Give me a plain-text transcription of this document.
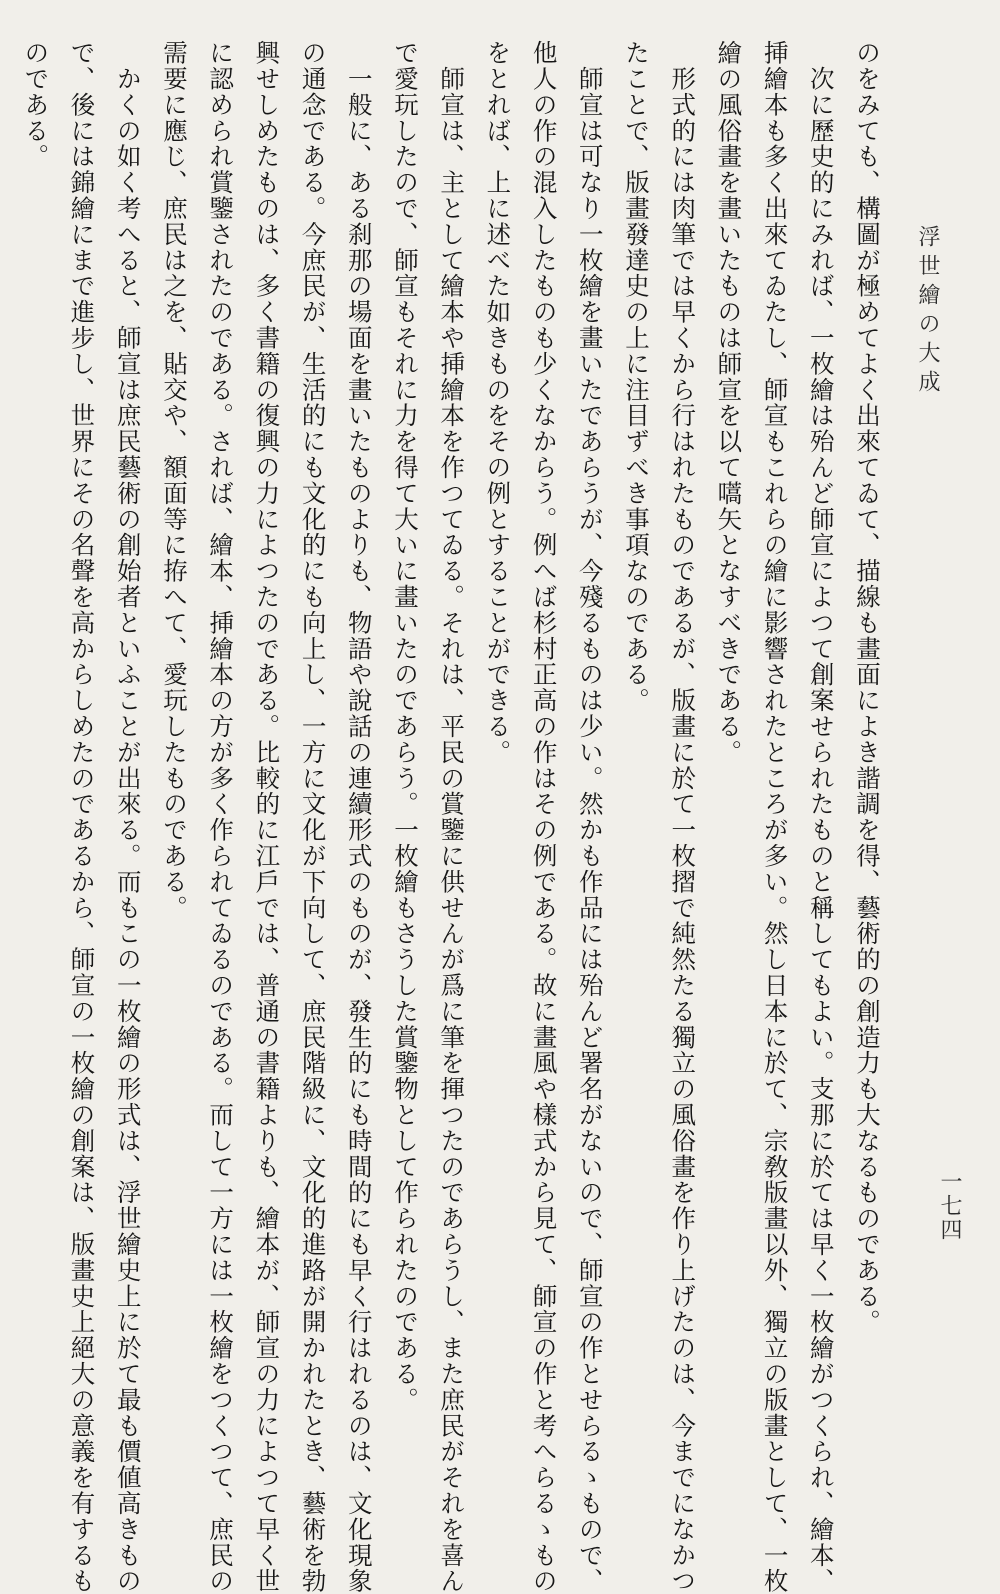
浮世繪の大成
一七四

のをみても、構圖が極めてよく出來てゐて、描線も畫面によき諧調を得、藝術的の創造力も大なるものである。

　次に歷史的にみれば、一枚繪は殆んど師宣によつて創案せられたものと稱してもよい。支那に於ては早く一枚繪がつくられ、繪本、

挿繪本も多く出來てゐたし、師宣もこれらの繪に影響されたところが多い。然し日本に於て、宗敎版畫以外、獨立の版畫として、一枚

繪の風俗畫を畫いたものは師宣を以て嚆矢となすべきである。

　形式的には肉筆では早くから行はれたものであるが、版畫に於て一枚摺で純然たる獨立の風俗畫を作り上げたのは、今までになかつ

たことで、版畫發達史の上に注目ずべき事項なのである。

　師宣は可なり一枚繪を畫いたであらうが、今殘るものは少い。然かも作品には殆んど署名がないので、師宣の作とせらるゝもので、

他人の作の混入したものも少くなからう。例へば杉村正高の作はその例である。故に畫風や樣式から見て、師宣の作と考へらるゝもの

をとれば、上に述べた如きものをその例とすることができる。

　師宣は、主として繪本や挿繪本を作つてゐる。それは、平民の賞鑒に供せんが爲に筆を揮つたのであらうし、また庶民がそれを喜ん

で愛玩したので、師宣もそれに力を得て大いに畫いたのであらう。一枚繪もさうした賞鑒物として作られたのである。

　一般に、ある刹那の場面を畫いたものよりも、物語や說話の連續形式のものが、發生的にも時間的にも早く行はれるのは、文化現象

の通念である。今庶民が、生活的にも文化的にも向上し、一方に文化が下向して、庶民階級に、文化的進路が開かれたとき、藝術を勃

興せしめたものは、多く書籍の復興の力によつたのである。比較的に江戶では、普通の書籍よりも、繪本が、師宣の力によつて早く世

に認められ賞鑒されたのである。されば、繪本、挿繪本の方が多く作られてゐるのである。而して一方には一枚繪をつくつて、庶民の

需要に應じ、庶民は之を、貼交や、額面等に拵へて、愛玩したものである。

　かくの如く考へると、師宣は庶民藝術の創始者といふことが出來る。而もこの一枚繪の形式は、浮世繪史上に於て最も價値高きもの

で、後には錦繪にまで進步し、世界にその名聲を高からしめたのであるから、師宣の一枚繪の創案は、版畫史上絕大の意義を有するも

のである。
